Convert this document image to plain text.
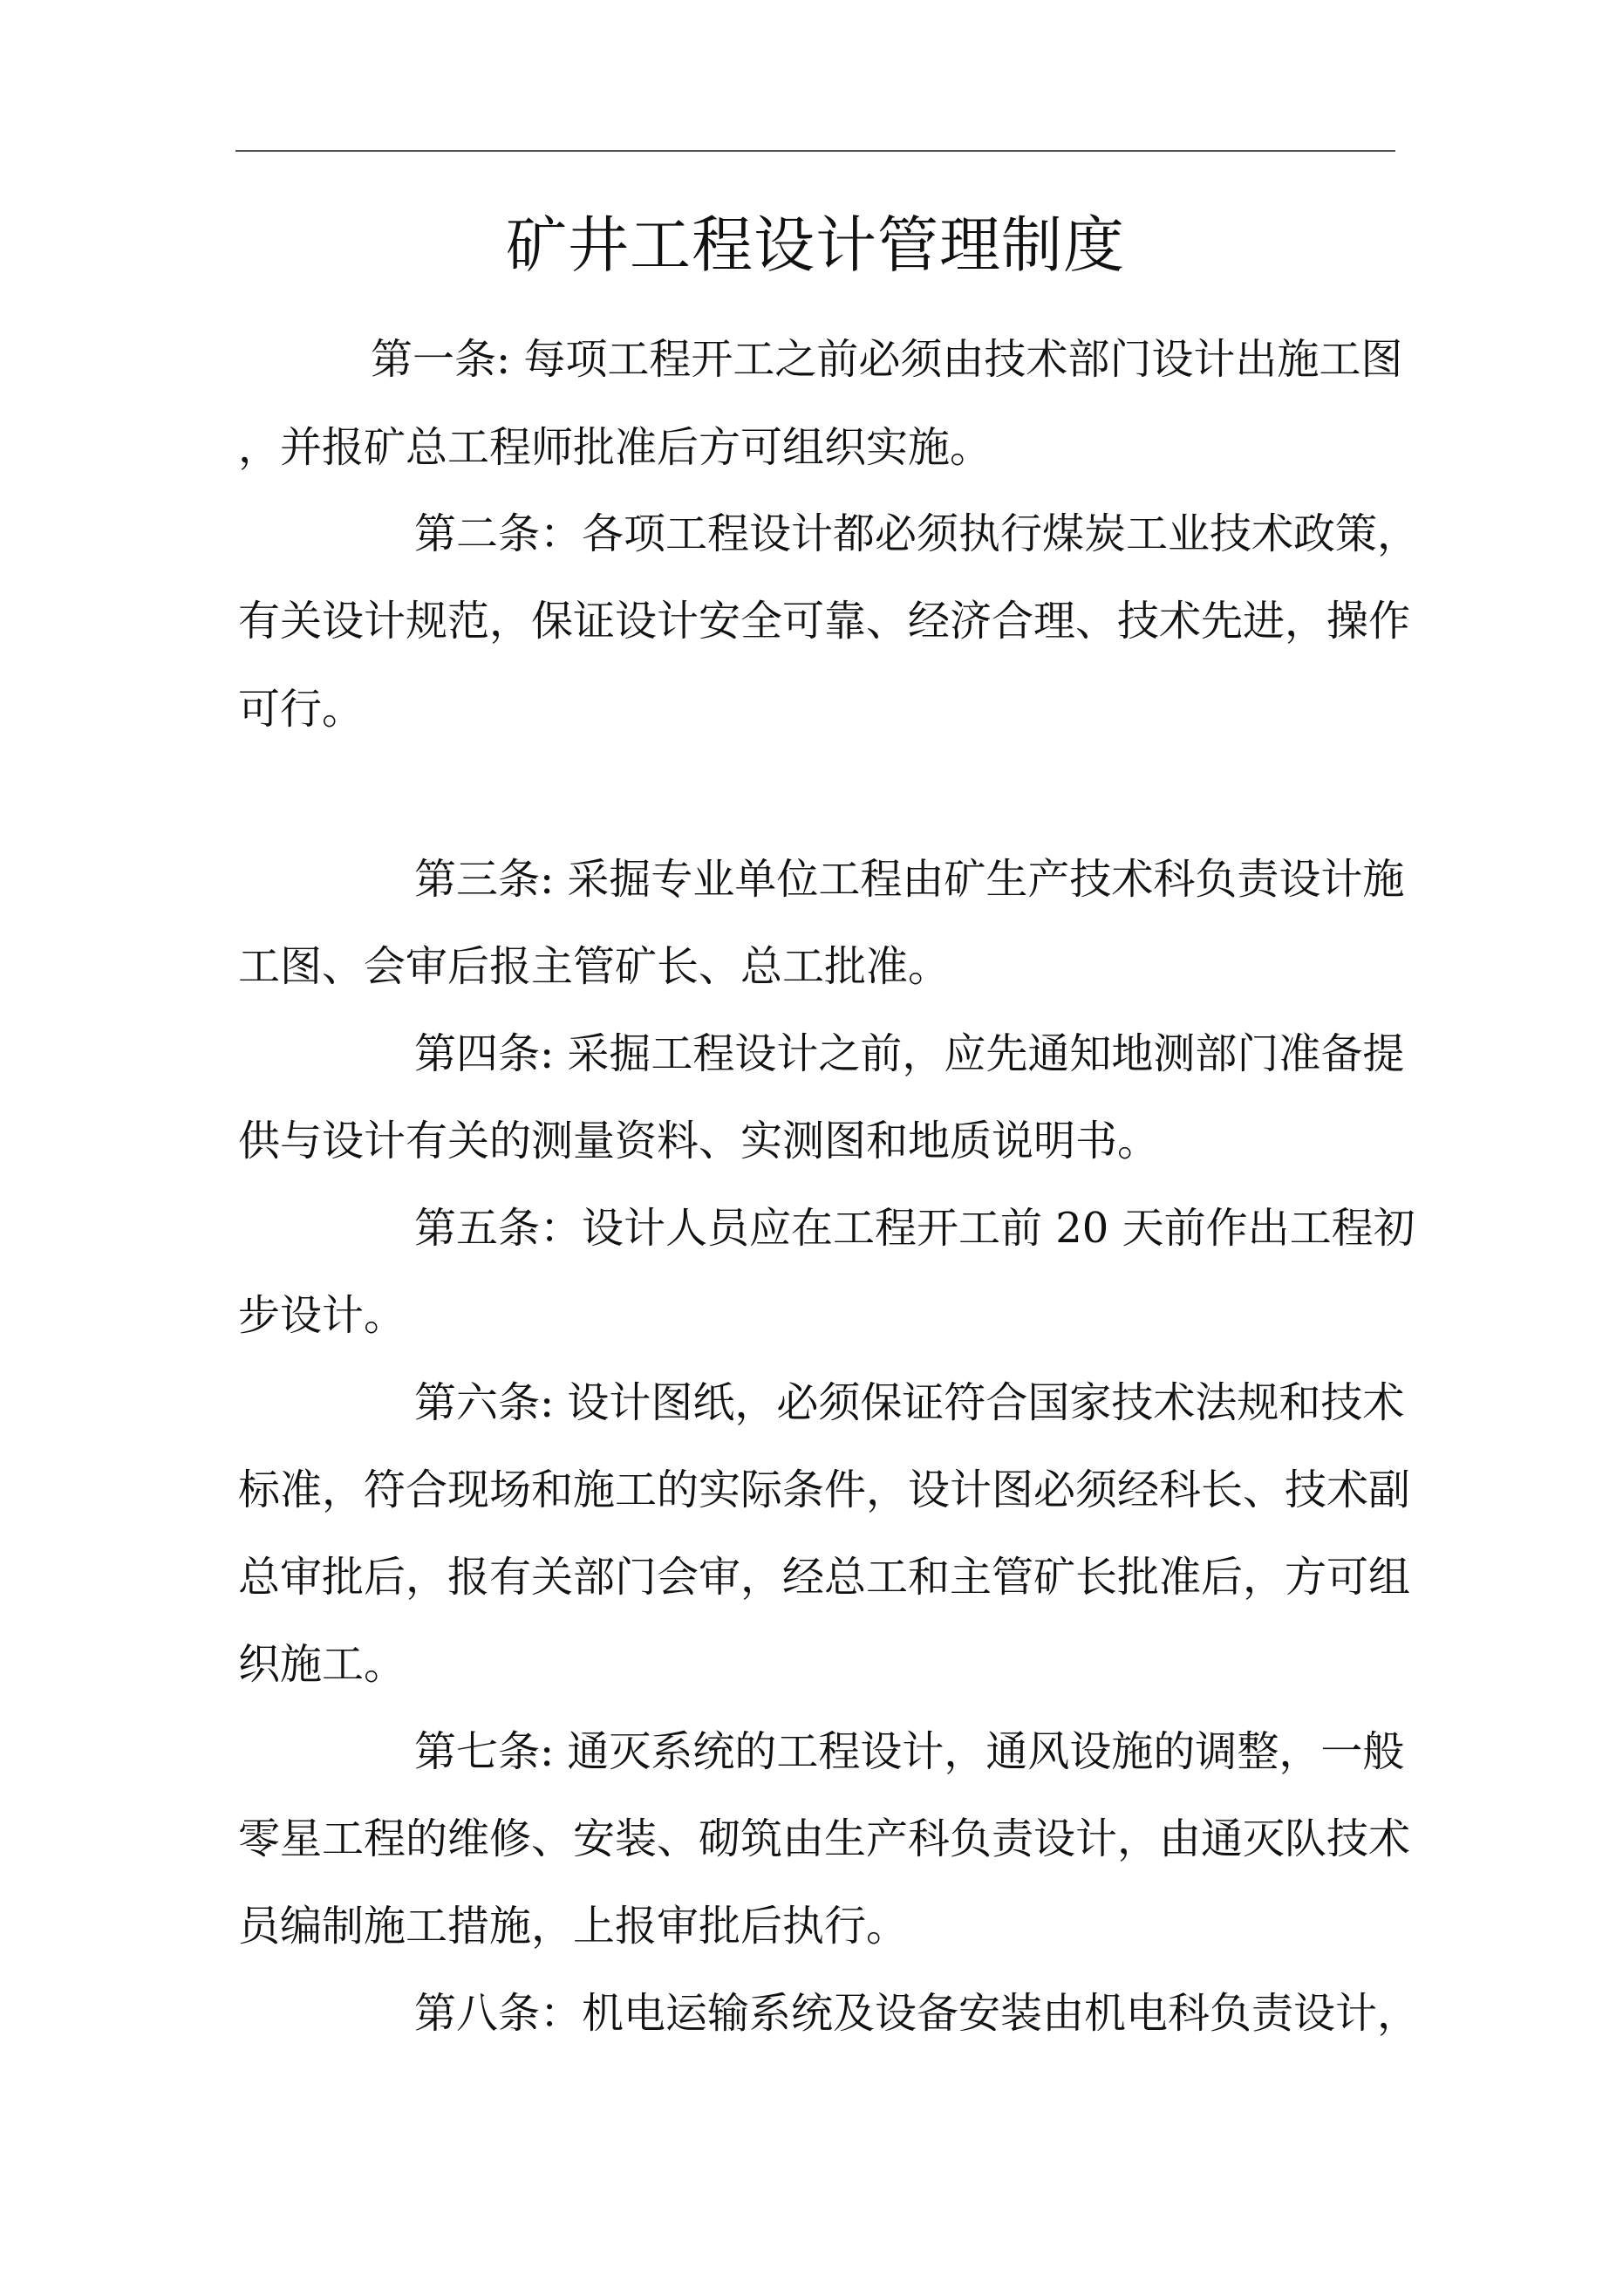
矿井工程设计管理制度

第一条: 每项工程开工之前必须由技术部门设计出施工图

，并报矿总工程师批准后方可组织实施。

第二条：各项工程设计都必须执行煤炭工业技术政策，

有关设计规范，保证设计安全可靠、经济合理、技术先进，操作

可行。

第三条: 采掘专业单位工程由矿生产技术科负责设计施

工图、会审后报主管矿长、总工批准。

第四条: 采掘工程设计之前，应先通知地测部门准备提

供与设计有关的测量资料、实测图和地质说明书。

第五条：设计人员应在工程开工前 20 天前作出工程初

步设计。

第六条: 设计图纸，必须保证符合国家技术法规和技术

标准，符合现场和施工的实际条件，设计图必须经科长、技术副

总审批后，报有关部门会审，经总工和主管矿长批准后，方可组

织施工。

第七条: 通灭系统的工程设计，通风设施的调整，一般

零星工程的维修、安装、砌筑由生产科负责设计，由通灭队技术

员编制施工措施，上报审批后执行。

第八条：机电运输系统及设备安装由机电科负责设计，
